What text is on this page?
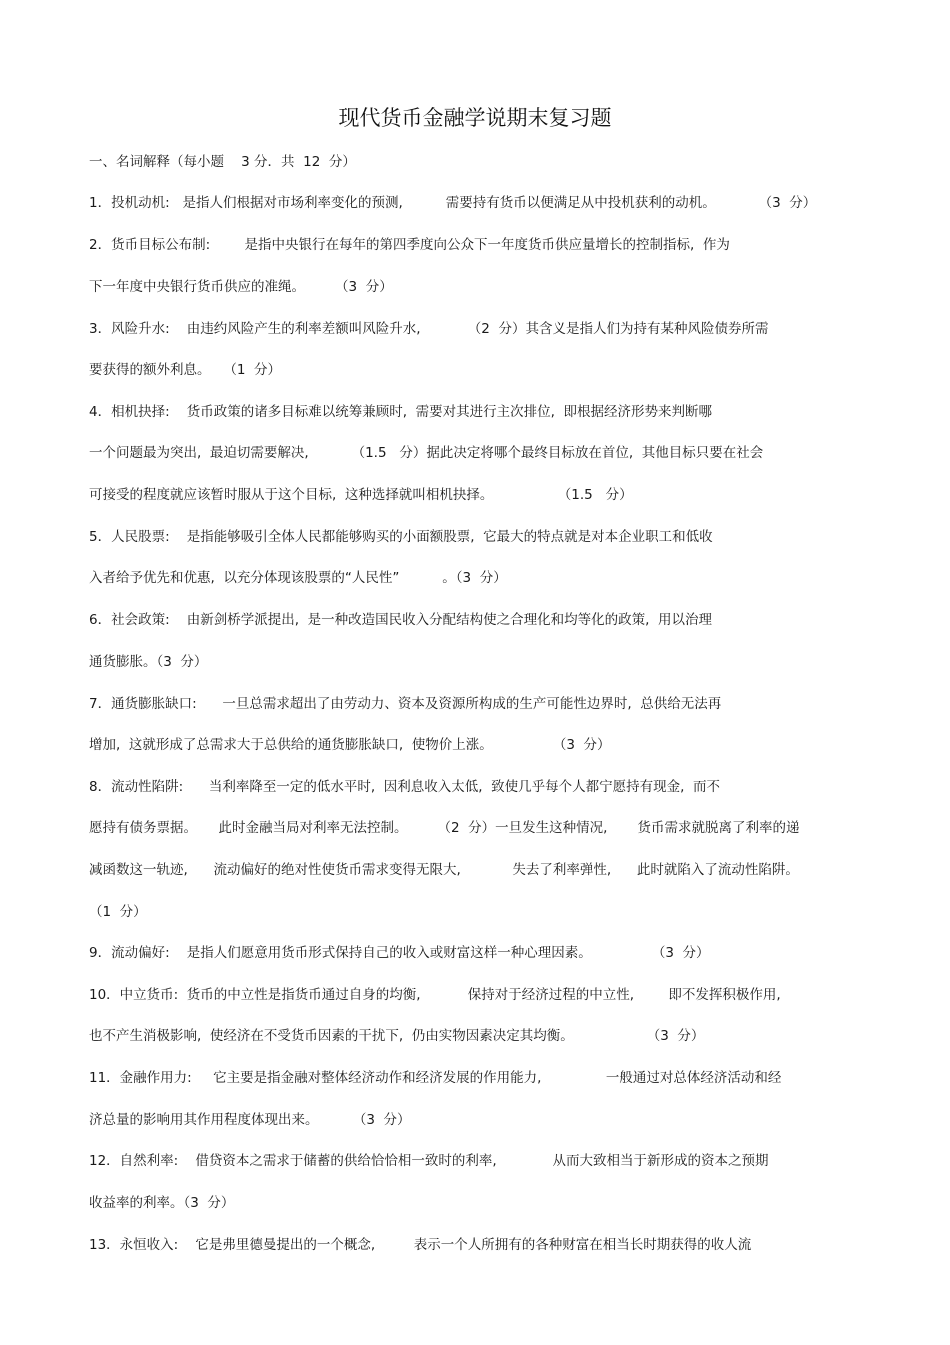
现代货币金融学说期末复习题
一、名词解释（每小题    3 分．共  12  分）
1．投机动机:   是指人们根据对市场利率变化的预测,          需要持有货币以便满足从中投机获利的动机。          （3  分）
2．货币目标公布制:        是指中央银行在每年的第四季度向公众下一年度货币供应量增长的控制指标,  作为
下一年度中央银行货币供应的准绳。       （3  分）
3．风险升水:    由违约风险产生的利率差额叫风险升水,           （2  分）其含义是指人们为持有某种风险债券所需
要获得的额外利息。   （1  分）
4．相机抉择:    货币政策的诸多目标难以统筹兼顾时,  需要对其进行主次排位,  即根据经济形势来判断哪
一个问题最为突出,  最迫切需要解决,          （1.5   分）据此决定将哪个最终目标放在首位,  其他目标只要在社会
可接受的程度就应该暂时服从于这个目标,  这种选择就叫相机抉择。               （1.5   分）
5．人民股票:    是指能够吸引全体人民都能够购买的小面额股票,  它最大的特点就是对本企业职工和低收
入者给予优先和优惠,  以充分体现该股票的“人民性”          。（3  分）
6．社会政策:    由新剑桥学派提出,  是一种改造国民收入分配结构使之合理化和均等化的政策,  用以治理
通货膨胀。（3  分）
7．通货膨胀缺口:      一旦总需求超出了由劳动力、资本及资源所构成的生产可能性边界时,  总供给无法再
增加,  这就形成了总需求大于总供给的通货膨胀缺口,  使物价上涨。              （3  分）
8．流动性陷阱:      当利率降至一定的低水平时,  因利息收入太低,  致使几乎每个人都宁愿持有现金,  而不
愿持有债务票据。     此时金融当局对利率无法控制。       （2  分）一旦发生这种情况,       货币需求就脱离了利率的递
减函数这一轨迹,      流动偏好的绝对性使货币需求变得无限大,            失去了利率弹性,      此时就陷入了流动性陷阱。
（1  分）
9．流动偏好:    是指人们愿意用货币形式保持自己的收入或财富这样一种心理因素。              （3  分）
10．中立货币:  货币的中立性是指货币通过自身的均衡,           保持对于经济过程的中立性,        即不发挥积极作用,
也不产生消极影响,  使经济在不受货币因素的干扰下,  仍由实物因素决定其均衡。                 （3  分）
11．金融作用力:     它主要是指金融对整体经济动作和经济发展的作用能力,               一般通过对总体经济活动和经
济总量的影响用其作用程度体现出来。        （3  分）
12．自然利率:    借贷资本之需求于储蓄的供给恰恰相一致时的利率,             从而大致相当于新形成的资本之预期
收益率的利率。（3  分）
13．永恒收入:    它是弗里德曼提出的一个概念,         表示一个人所拥有的各种财富在相当长时期获得的收人流
